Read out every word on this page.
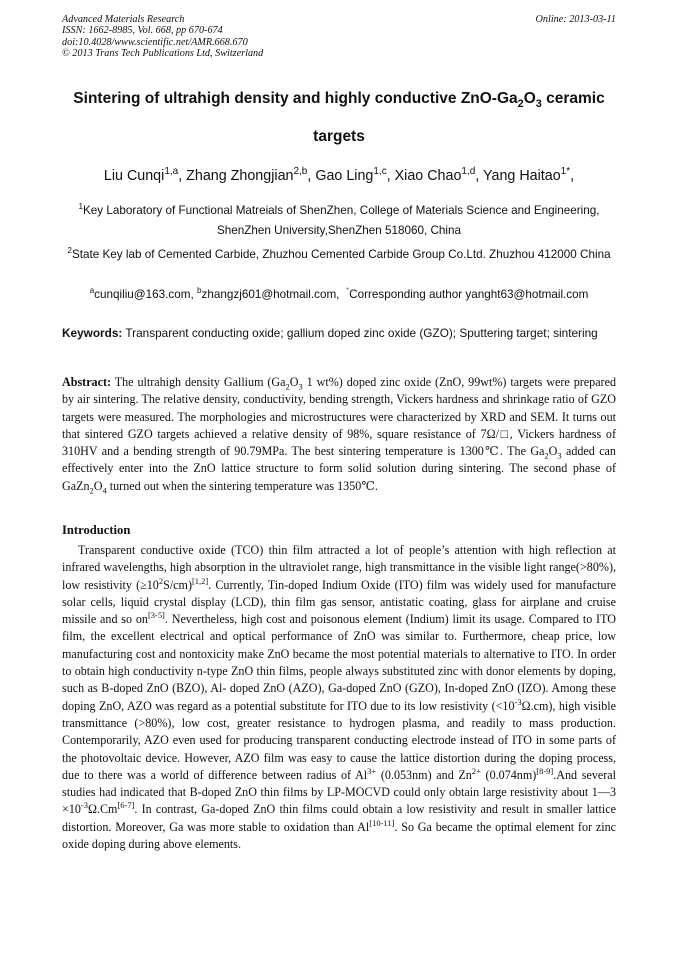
Advanced Materials Research
ISSN: 1662-8985, Vol. 668, pp 670-674
doi:10.4028/www.scientific.net/AMR.668.670
© 2013 Trans Tech Publications Ltd, Switzerland
Online: 2013-03-11
Sintering of ultrahigh density and highly conductive ZnO-$Ga_2O_3$ ceramic
targets
Liu Cunqi$^{1,a}$, Zhang Zhongjian$^{2,b}$, Gao Ling$^{1,c}$, Xiao Chao$^{1,d}$, Yang Haitao$^{1*}$,
$^1$Key Laboratory of Functional Matreials of ShenZhen, College of Materials Science and Engineering, ShenZhen University,ShenZhen 518060, China
$^2$State Key lab of Cemented Carbide, Zhuzhou Cemented Carbide Group Co.Ltd. Zhuzhou 412000 China
$^a$cunqiliu@163.com, $^b$zhangzj601@hotmail.com, *Corresponding author yanght63@hotmail.com
Keywords: Transparent conducting oxide; gallium doped zinc oxide (GZO); Sputtering target; sintering
Abstract: The ultrahigh density Gallium ($Ga_2O_3$ 1 wt%) doped zinc oxide (ZnO, 99wt%) targets were prepared by air sintering. The relative density, conductivity, bending strength, Vickers hardness and shrinkage ratio of GZO targets were measured. The morphologies and microstructures were characterized by XRD and SEM. It turns out that sintered GZO targets achieved a relative density of 98%, square resistance of 7Ω/□, Vickers hardness of 310HV and a bending strength of 90.79MPa. The best sintering temperature is 1300℃. The $Ga_2O_3$ added can effectively enter into the ZnO lattice structure to form solid solution during sintering. The second phase of $GaZn_2O_4$ turned out when the sintering temperature was 1350℃.
Introduction
Transparent conductive oxide (TCO) thin film attracted a lot of people’s attention with high reflection at infrared wavelengths, high absorption in the ultraviolet range, high transmittance in the visible light range(>80%), low resistivity $(\ge 10^2S/cm)[1,2]$. Currently, Tin-doped Indium Oxide (ITO) film was widely used for manufacture solar cells, liquid crystal display (LCD), thin film gas sensor, antistatic coating, glass for airplane and cruise missile and so on[3-5]. Nevertheless, high cost and poisonous element (Indium) limit its usage. Compared to ITO film, the excellent electrical and optical performance of ZnO was similar to. Furthermore, cheap price, low manufacturing cost and nontoxicity make ZnO became the most potential materials to alternative to ITO. In order to obtain high conductivity n-type ZnO thin films, people always substituted zinc with donor elements by doping, such as B-doped ZnO (BZO), Al- doped ZnO (AZO), Ga-doped ZnO (GZO), In-doped ZnO (IZO). Among these doping ZnO, AZO was regard as a potential substitute for ITO due to its low resistivity $(<10^{-3}\Omega.cm)$, high visible transmittance (>80%), low cost, greater resistance to hydrogen plasma, and readily to mass production. Contemporarily, AZO even used for producing transparent conducting electrode instead of ITO in some parts of the photovoltaic device. However, AZO film was easy to cause the lattice distortion during the doping process, due to there was a world of difference between radius of $Al^{3+}$ (0.053nm) and $Zn^{2+}$ (0.074nm)[8-9].And several studies had indicated that B-doped ZnO thin films by LP-MOCVD could only obtain large resistivity about 1—3 $\times 10^{-3}\Omega.Cm[6-7]$. In contrast, Ga-doped ZnO thin films could obtain a low resistivity and result in smaller lattice distortion. Moreover, Ga was more stable to oxidation than Al[10-11]. So Ga became the optimal element for zinc oxide doping during above elements.
